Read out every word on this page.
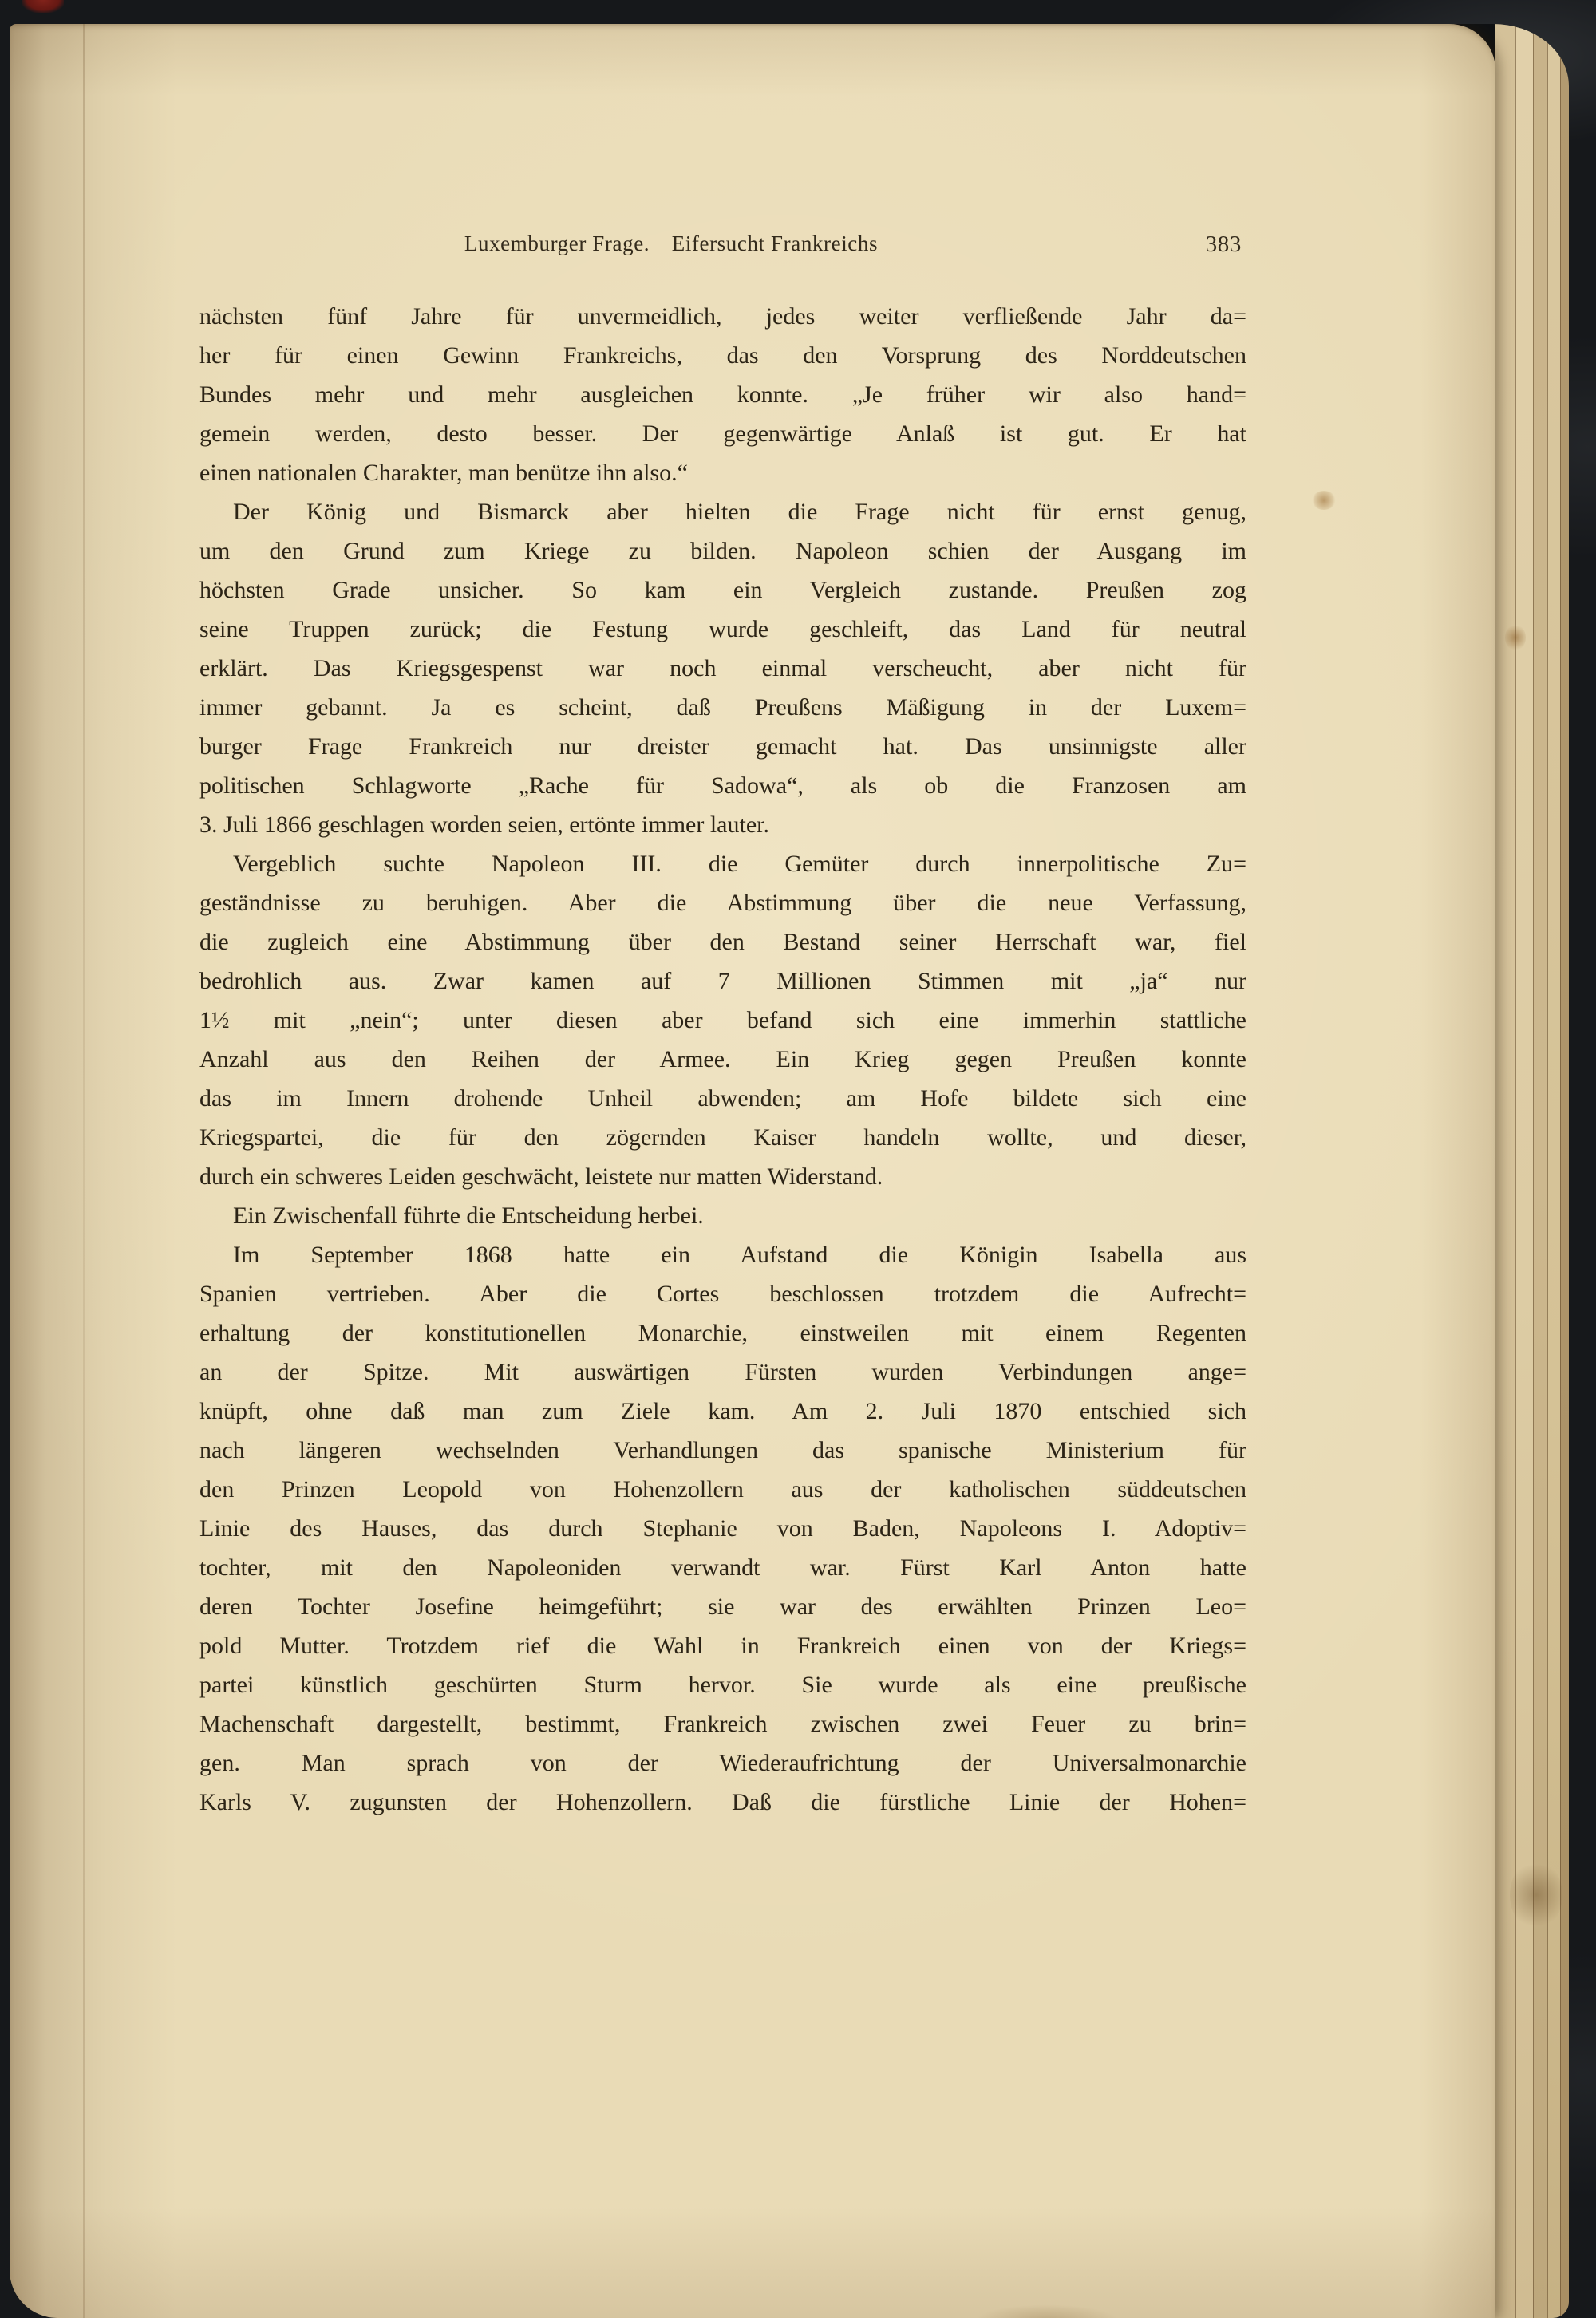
Luxemburger Frage. Eifersucht Frankreichs	383
nächsten fünf Jahre für unvermeidlich, jedes weiter verfließende Jahr da=
her für einen Gewinn Frankreichs, das den Vorsprung des Norddeutschen
Bundes mehr und mehr ausgleichen konnte. „Je früher wir also hand=
gemein werden, desto besser. Der gegenwärtige Anlaß ist gut. Er hat
einen nationalen Charakter, man benütze ihn also.“
Der König und Bismarck aber hielten die Frage nicht für ernst genug,
um den Grund zum Kriege zu bilden. Napoleon schien der Ausgang im
höchsten Grade unsicher. So kam ein Vergleich zustande. Preußen zog
seine Truppen zurück; die Festung wurde geschleift, das Land für neutral
erklärt. Das Kriegsgespenst war noch einmal verscheucht, aber nicht für
immer gebannt. Ja es scheint, daß Preußens Mäßigung in der Luxem=
burger Frage Frankreich nur dreister gemacht hat. Das unsinnigste aller
politischen Schlagworte „Rache für Sadowa“, als ob die Franzosen am
3. Juli 1866 geschlagen worden seien, ertönte immer lauter.
Vergeblich suchte Napoleon III. die Gemüter durch innerpolitische Zu=
geständnisse zu beruhigen. Aber die Abstimmung über die neue Verfassung,
die zugleich eine Abstimmung über den Bestand seiner Herrschaft war, fiel
bedrohlich aus. Zwar kamen auf 7 Millionen Stimmen mit „ja“ nur
1½ mit „nein“; unter diesen aber befand sich eine immerhin stattliche
Anzahl aus den Reihen der Armee. Ein Krieg gegen Preußen konnte
das im Innern drohende Unheil abwenden; am Hofe bildete sich eine
Kriegspartei, die für den zögernden Kaiser handeln wollte, und dieser,
durch ein schweres Leiden geschwächt, leistete nur matten Widerstand.
Ein Zwischenfall führte die Entscheidung herbei.
Im September 1868 hatte ein Aufstand die Königin Isabella aus
Spanien vertrieben. Aber die Cortes beschlossen trotzdem die Aufrecht=
erhaltung der konstitutionellen Monarchie, einstweilen mit einem Regenten
an der Spitze. Mit auswärtigen Fürsten wurden Verbindungen ange=
knüpft, ohne daß man zum Ziele kam. Am 2. Juli 1870 entschied sich
nach längeren wechselnden Verhandlungen das spanische Ministerium für
den Prinzen Leopold von Hohenzollern aus der katholischen süddeutschen
Linie des Hauses, das durch Stephanie von Baden, Napoleons I. Adoptiv=
tochter, mit den Napoleoniden verwandt war. Fürst Karl Anton hatte
deren Tochter Josefine heimgeführt; sie war des erwählten Prinzen Leo=
pold Mutter. Trotzdem rief die Wahl in Frankreich einen von der Kriegs=
partei künstlich geschürten Sturm hervor. Sie wurde als eine preußische
Machenschaft dargestellt, bestimmt, Frankreich zwischen zwei Feuer zu brin=
gen. Man sprach von der Wiederaufrichtung der Universalmonarchie
Karls V. zugunsten der Hohenzollern. Daß die fürstliche Linie der Hohen=
